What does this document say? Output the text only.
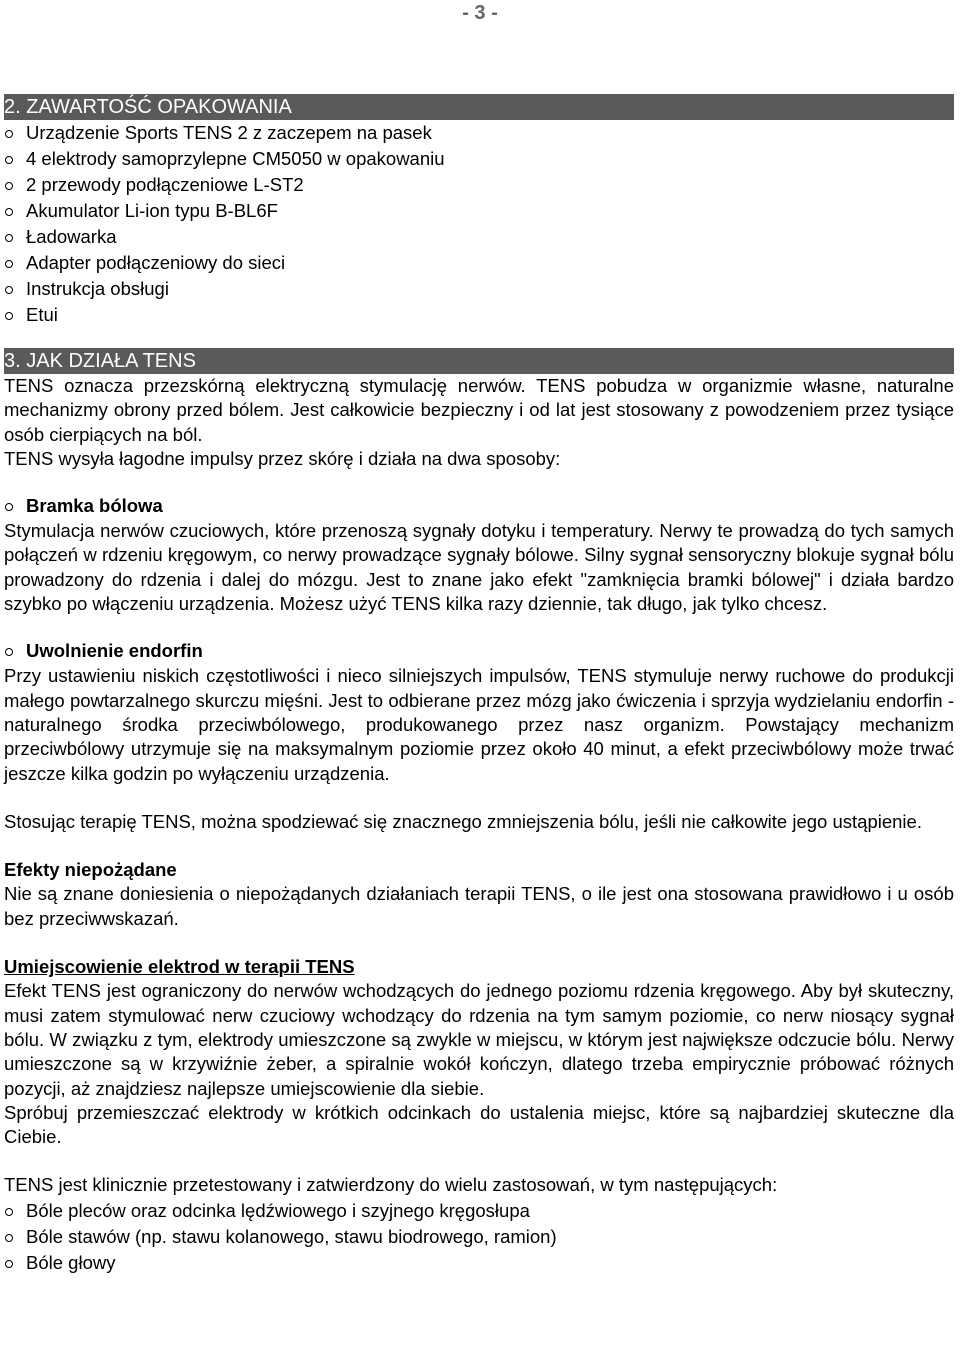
- 3 -
2. ZAWARTOŚĆ OPAKOWANIA
Urządzenie Sports TENS 2 z zaczepem na pasek
4 elektrody samoprzylepne CM5050 w opakowaniu
2 przewody podłączeniowe L-ST2
Akumulator Li-ion typu B-BL6F
Ładowarka
Adapter podłączeniowy do sieci
Instrukcja obsługi
Etui
3. JAK DZIAŁA TENS

TENS oznacza przezskórną elektryczną stymulację nerwów. TENS pobudza w organizmie własne, naturalne mechanizmy obrony przed bólem. Jest całkowicie bezpieczny i od lat jest stosowany z powodzeniem przez tysiące osób cierpiących na ból.

TENS wysyła łagodne impulsy przez skórę i działa na dwa sposoby:

Bramka bólowa

Stymulacja nerwów czuciowych, które przenoszą sygnały dotyku i temperatury. Nerwy te prowadzą do tych samych połączeń w rdzeniu kręgowym, co nerwy prowadzące sygnały bólowe. Silny sygnał sensoryczny blokuje sygnał bólu prowadzony do rdzenia i dalej do mózgu. Jest to znane jako efekt "zamknięcia bramki bólowej" i działa bardzo szybko po włączeniu urządzenia. Możesz użyć TENS kilka razy dziennie, tak długo, jak tylko chcesz.

Uwolnienie endorfin

Przy ustawieniu niskich częstotliwości i nieco silniejszych impulsów, TENS stymuluje nerwy ruchowe do produkcji małego powtarzalnego skurczu mięśni. Jest to odbierane przez mózg jako ćwiczenia i sprzyja wydzielaniu endorfin - naturalnego środka przeciwbólowego, produkowanego przez nasz organizm. Powstający mechanizm przeciwbólowy utrzymuje się na maksymalnym poziomie przez około 40 minut, a efekt przeciwbólowy może trwać jeszcze kilka godzin po wyłączeniu urządzenia.

Stosując terapię TENS, można spodziewać się znacznego zmniejszenia bólu, jeśli nie całkowite jego ustąpienie.

Efekty niepożądane

Nie są znane doniesienia o niepożądanych działaniach terapii TENS, o ile jest ona stosowana prawidłowo i u osób bez przeciwwskazań.

Umiejscowienie elektrod w terapii TENS

Efekt TENS jest ograniczony do nerwów wchodzących do jednego poziomu rdzenia kręgowego. Aby był skuteczny, musi zatem stymulować nerw czuciowy wchodzący do rdzenia na tym samym poziomie, co nerw niosący sygnał bólu. W związku z tym, elektrody umieszczone są zwykle w miejscu, w którym jest największe odczucie bólu. Nerwy umieszczone są w krzywiźnie żeber, a spiralnie wokół kończyn, dlatego trzeba empirycznie próbować różnych pozycji, aż znajdziesz najlepsze umiejscowienie dla siebie.

Spróbuj przemieszczać elektrody w krótkich odcinkach do ustalenia miejsc, które są najbardziej skuteczne dla Ciebie.

TENS jest klinicznie przetestowany i zatwierdzony do wielu zastosowań, w tym następujących:

Bóle pleców oraz odcinka lędźwiowego i szyjnego kręgosłupa
Bóle stawów (np. stawu kolanowego, stawu biodrowego, ramion)
Bóle głowy
